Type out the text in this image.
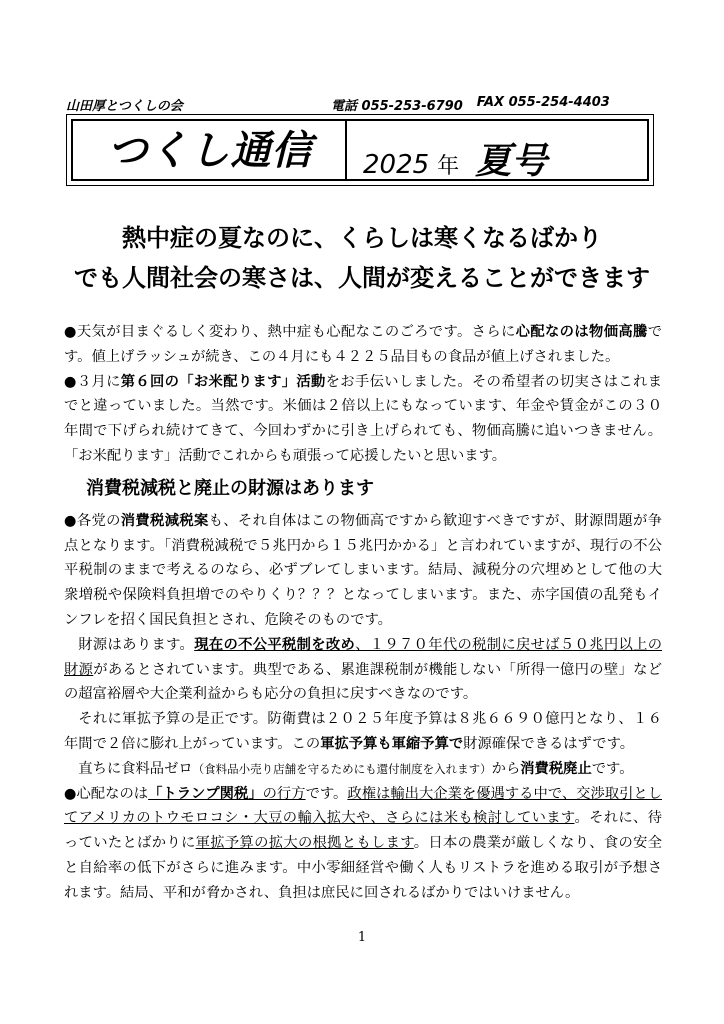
山田厚とつくしの会	電話 055-253-6790 FAX 055-254-4403
つくし通信	2025 年 夏号
熱中症の夏なのに、くらしは寒くなるばかり
でも人間社会の寒さは、人間が変えることができます

●天気が目まぐるしく変わり、熱中症も心配なこのごろです。さらに心配なのは物価高騰です。値上げラッシュが続き、この４月にも４２２５品目もの食品が値上げされました。

●３月に第６回の「お米配ります」活動をお手伝いしました。その希望者の切実さはこれまでと違っていました。当然です。米価は２倍以上にもなっています、年金や賃金がこの３０年間で下げられ続けてきて、今回わずかに引き上げられても、物価高騰に追いつきません。「お米配ります」活動でこれからも頑張って応援したいと思います。

消費税減税と廃止の財源はあります

●各党の消費税減税案も、それ自体はこの物価高ですから歓迎すべきですが、財源問題が争点となります。「消費税減税で５兆円から１５兆円かかる」と言われていますが、現行の不公平税制のままで考えるのなら、必ずブレてしまいます。結局、減税分の穴埋めとして他の大衆増税や保険料負担増でのやりくり？？？となってしまいます。また、赤字国債の乱発もインフレを招く国民負担とされ、危険そのものです。

財源はあります。現在の不公平税制を改め、１９７０年代の税制に戻せば５０兆円以上の財源があるとされています。典型である、累進課税制が機能しない「所得一億円の壁」などの超富裕層や大企業利益からも応分の負担に戻すべきなのです。

それに軍拡予算の是正です。防衛費は２０２５年度予算は８兆６６９０億円となり、１６年間で２倍に膨れ上がっています。この軍拡予算も軍縮予算で財源確保できるはずです。

直ちに食料品ゼロ（食料品小売り店舗を守るためにも還付制度を入れます）から消費税廃止です。

●心配なのは「トランプ関税」の行方です。政権は輸出大企業を優遇する中で、交渉取引としてアメリカのトウモロコシ・大豆の輸入拡大や、さらには米も検討しています。それに、待っていたとばかりに軍拡予算の拡大の根拠ともします。日本の農業が厳しくなり、食の安全と自給率の低下がさらに進みます。中小零細経営や働く人もリストラを進める取引が予想されます。結局、平和が脅かされ、負担は庶民に回されるばかりではいけません。

1
